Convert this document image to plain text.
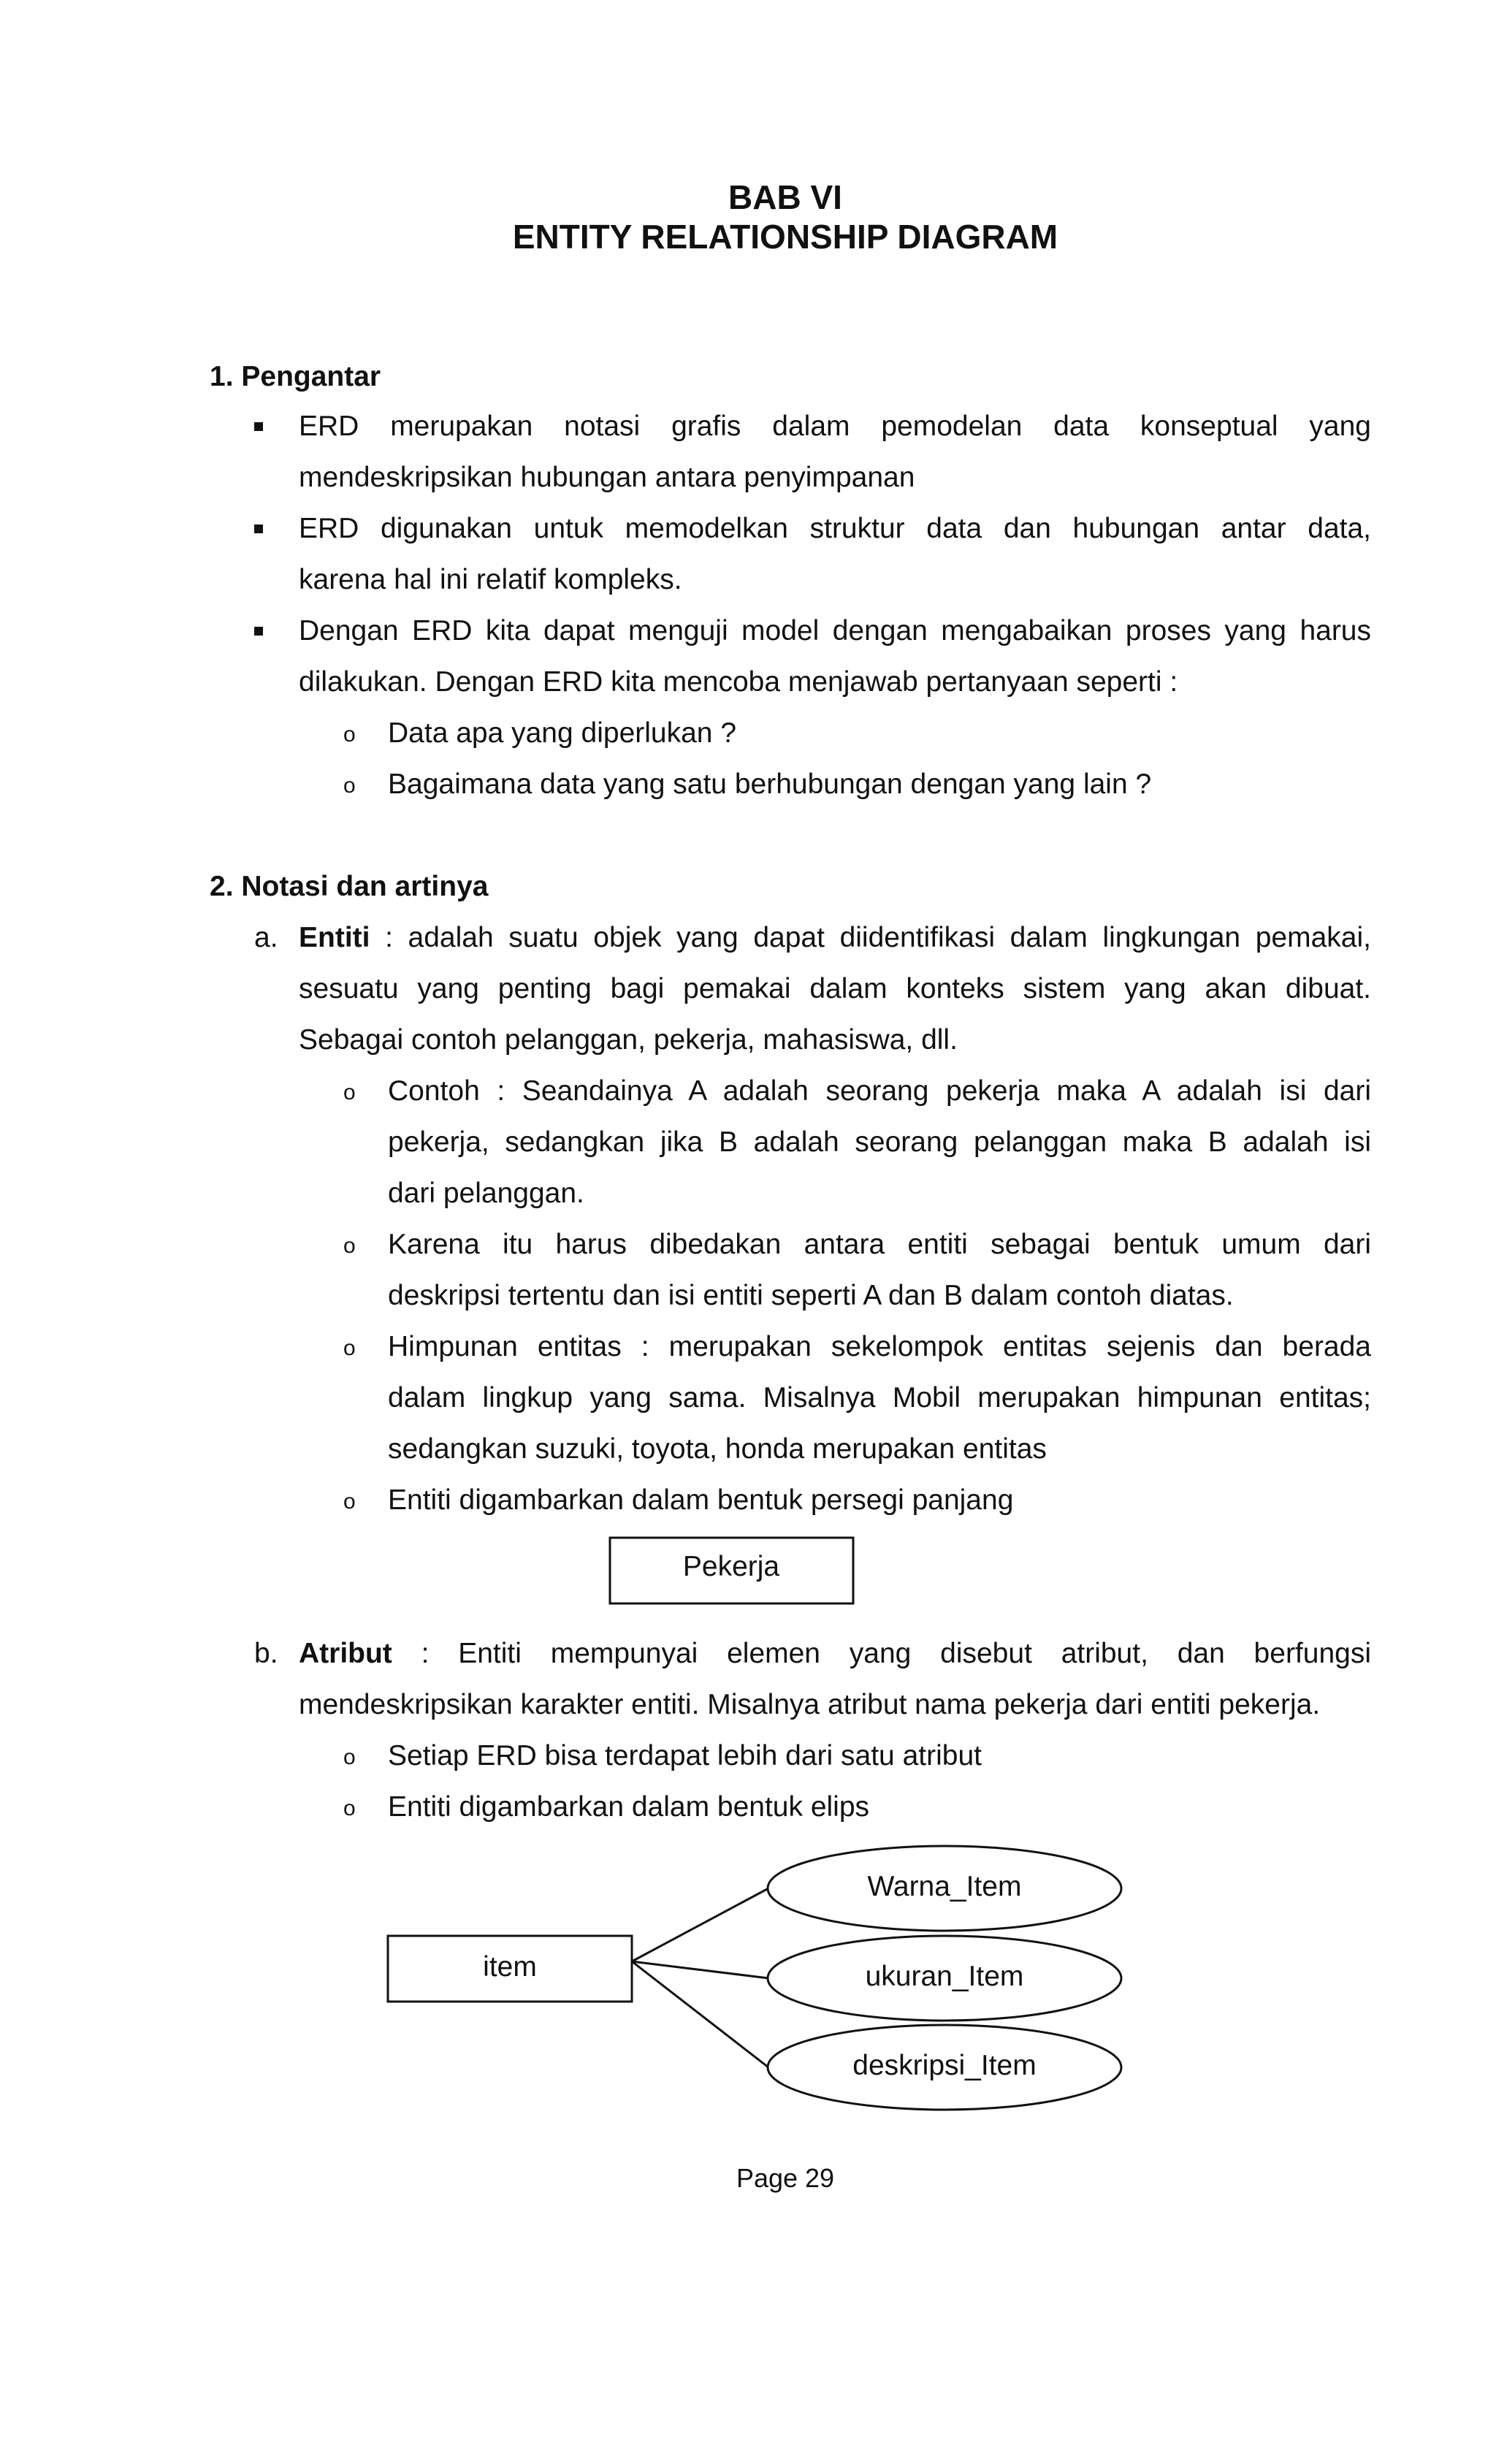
BAB VI
ENTITY RELATIONSHIP DIAGRAM
1. Pengantar
ERD merupakan notasi grafis dalam pemodelan data konseptual yang
mendeskripsikan hubungan antara penyimpanan
ERD digunakan untuk memodelkan struktur data dan hubungan antar data,
karena hal ini relatif kompleks.
Dengan ERD kita dapat menguji model dengan mengabaikan proses yang harus
dilakukan. Dengan ERD kita mencoba menjawab pertanyaan seperti :
o Data apa yang diperlukan ?
o Bagaimana data yang satu berhubungan dengan yang lain ?
2. Notasi dan artinya
a. Entiti : adalah suatu objek yang dapat diidentifikasi dalam lingkungan pemakai,
sesuatu yang penting bagi pemakai dalam konteks sistem yang akan dibuat.
Sebagai contoh pelanggan, pekerja, mahasiswa, dll.
o Contoh : Seandainya A adalah seorang pekerja maka A adalah isi dari
pekerja, sedangkan jika B adalah seorang pelanggan maka B adalah isi
dari pelanggan.
o Karena itu harus dibedakan antara entiti sebagai bentuk umum dari
deskripsi tertentu dan isi entiti seperti A dan B dalam contoh diatas.
o Himpunan entitas : merupakan sekelompok entitas sejenis dan berada
dalam lingkup yang sama. Misalnya Mobil merupakan himpunan entitas;
sedangkan suzuki, toyota, honda merupakan entitas
o Entiti digambarkan dalam bentuk persegi panjang
Pekerja
b. Atribut : Entiti mempunyai elemen yang disebut atribut, dan berfungsi
mendeskripsikan karakter entiti. Misalnya atribut nama pekerja dari entiti pekerja.
o Setiap ERD bisa terdapat lebih dari satu atribut
o Entiti digambarkan dalam bentuk elips
item
Warna_Item
ukuran_Item
deskripsi_Item
Page 29
